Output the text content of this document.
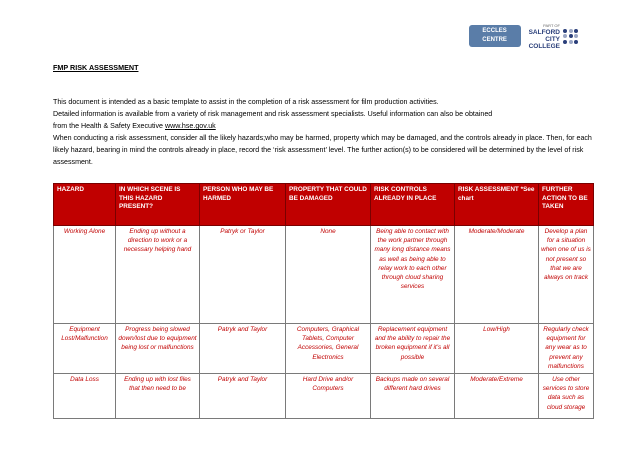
ECCLES
CENTRE
PART OF
SALFORD
CITY
COLLEGE
FMP RISK ASSESSMENT

This document is intended as a basic template to assist in the completion of a risk assessment for film production activities.
Detailed information is available from a variety of risk management and risk assessment specialists. Useful information can also be obtained
from the Health & Safety Executive www.hse.gov.uk

When conducting a risk assessment, consider all the likely hazards;who may be harmed, property which may be damaged, and the controls already in place. Then, for each likely hazard, bearing in mind the controls already in place, record the ‘risk assessment’ level. The further action(s) to be considered will be determined by the level of risk assessment.

HAZARD	IN WHICH SCENE IS THIS HAZARD PRESENT?	PERSON WHO MAY BE HARMED	PROPERTY THAT COULD BE DAMAGED	RISK CONTROLS ALREADY IN PLACE	RISK ASSESSMENT *See chart	FURTHER ACTION TO BE TAKEN
Working Alone	Ending up without a direction to work or a necessary helping hand	Patryk or Taylor	None	Being able to contact with the work partner through many long distance means as well as being able to relay work to each other through cloud sharing services	Moderate/Moderate	Develop a plan for a situation when one of us is not present so that we are always on track
Equipment Lost/Malfunction	Progress being slowed down/lost due to equipment being lost or malfunctions	Patryk and Taylor	Computers, Graphical Tablets, Computer Accessories, General Electronics	Replacement equipment and the ability to repair the broken equipment if it’s all possible	Low/High	Regularly check equipment for any wear as to prevent any malfunctions
Data Loss	Ending up with lost files that then need to be	Patryk and Taylor	Hard Drive and/or Computers	Backups made on several different hard drives	Moderate/Extreme	Use other services to store data such as cloud storage
